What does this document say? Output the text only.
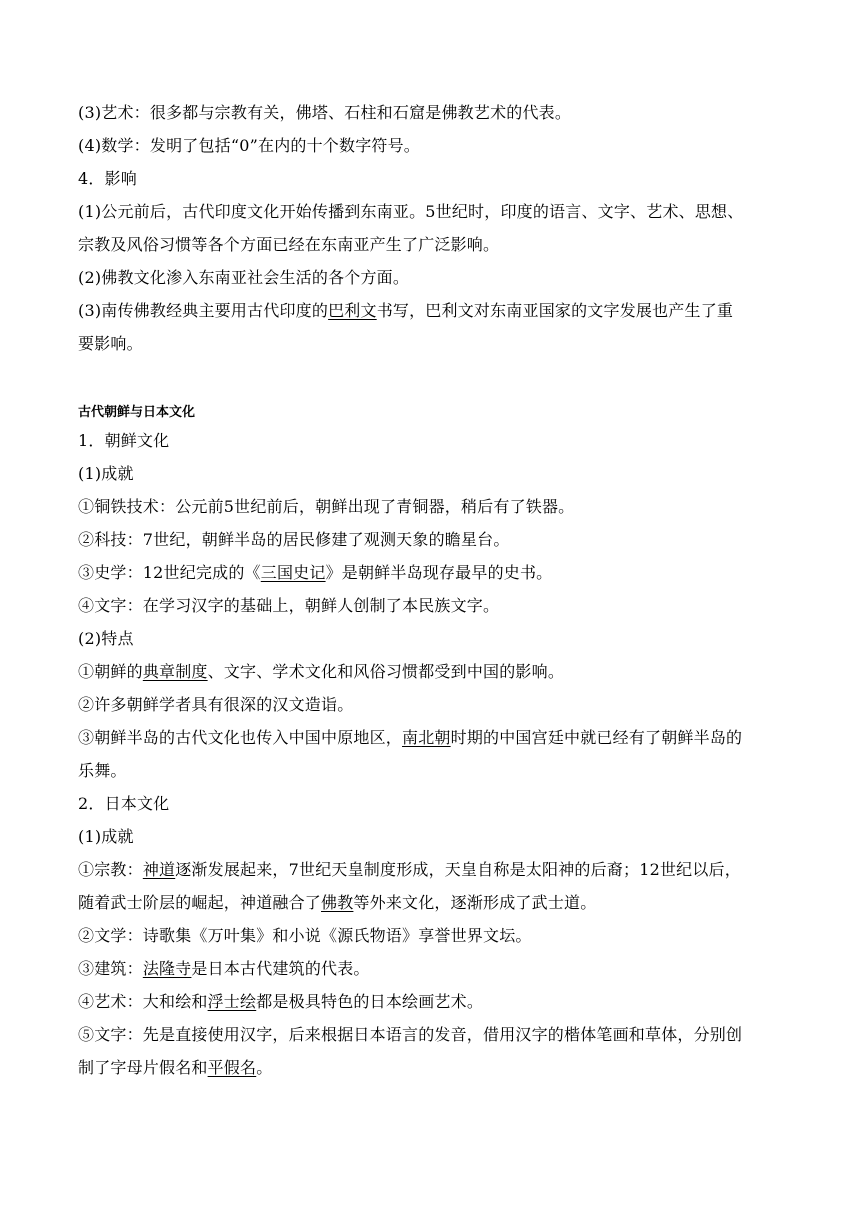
(3)艺术：很多都与宗教有关，佛塔、石柱和石窟是佛教艺术的代表。
(4)数学：发明了包括“0”在内的十个数字符号。
4．影响
(1)公元前后，古代印度文化开始传播到东南亚。5世纪时，印度的语言、文字、艺术、思想、
宗教及风俗习惯等各个方面已经在东南亚产生了广泛影响。
(2)佛教文化渗入东南亚社会生活的各个方面。
(3)南传佛教经典主要用古代印度的巴利文书写，巴利文对东南亚国家的文字发展也产生了重
要影响。
古代朝鲜与日本文化
1．朝鲜文化
(1)成就
①铜铁技术：公元前5世纪前后，朝鲜出现了青铜器，稍后有了铁器。
②科技：7世纪，朝鲜半岛的居民修建了观测天象的瞻星台。
③史学：12世纪完成的《三国史记》是朝鲜半岛现存最早的史书。
④文字：在学习汉字的基础上，朝鲜人创制了本民族文字。
(2)特点
①朝鲜的典章制度、文字、学术文化和风俗习惯都受到中国的影响。
②许多朝鲜学者具有很深的汉文造诣。
③朝鲜半岛的古代文化也传入中国中原地区，南北朝时期的中国宫廷中就已经有了朝鲜半岛的
乐舞。
2．日本文化
(1)成就
①宗教：神道逐渐发展起来，7世纪天皇制度形成，天皇自称是太阳神的后裔；12世纪以后，
随着武士阶层的崛起，神道融合了佛教等外来文化，逐渐形成了武士道。
②文学：诗歌集《万叶集》和小说《源氏物语》享誉世界文坛。
③建筑：法隆寺是日本古代建筑的代表。
④艺术：大和绘和浮士绘都是极具特色的日本绘画艺术。
⑤文字：先是直接使用汉字，后来根据日本语言的发音，借用汉字的楷体笔画和草体，分别创
制了字母片假名和平假名。
